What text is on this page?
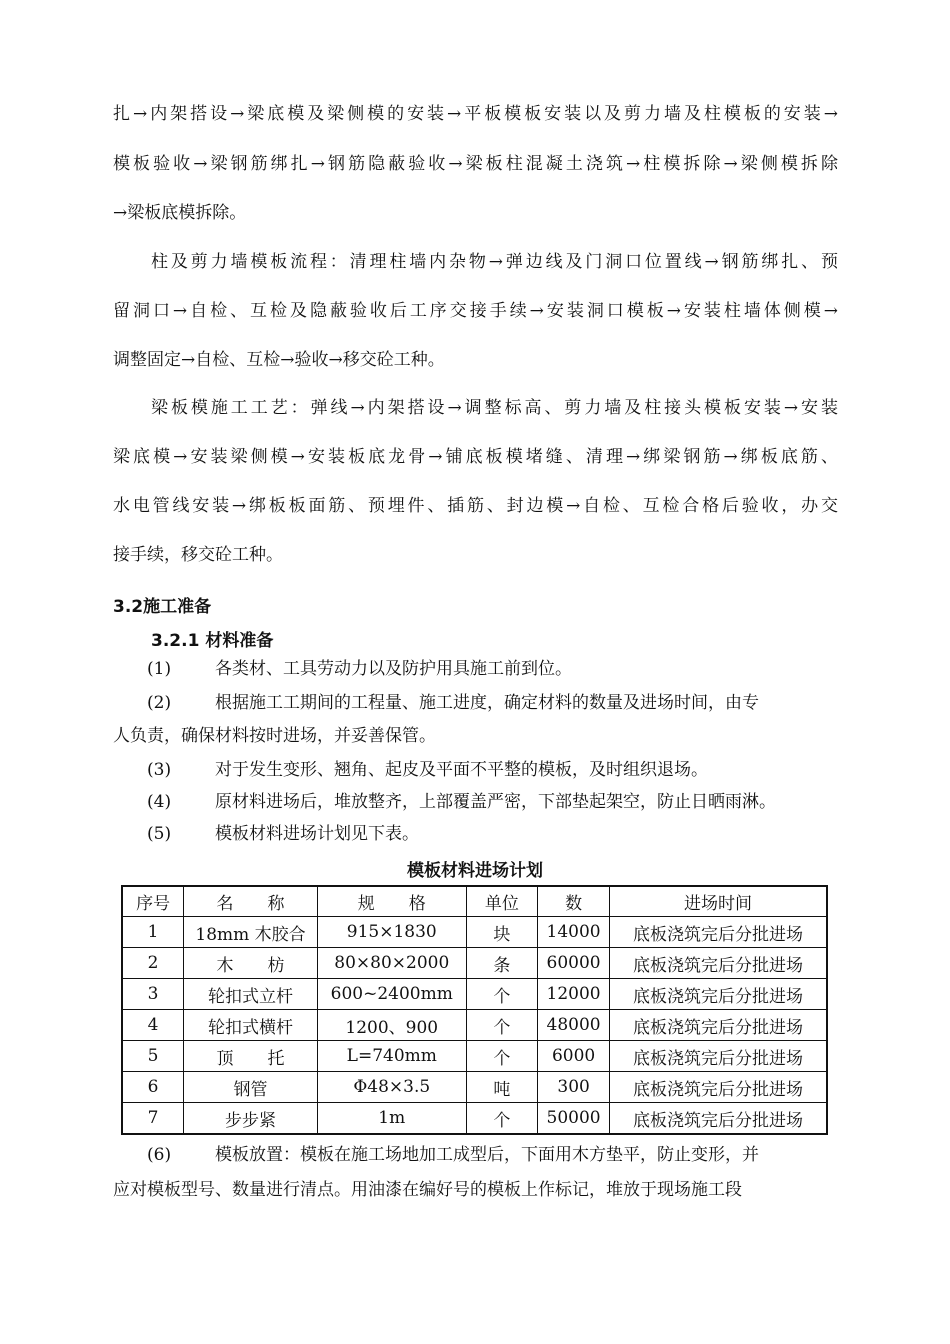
扎→内架搭设→梁底模及梁侧模的安装→平板模板安装以及剪力墙及柱模板的安装→
模板验收→梁钢筋绑扎→钢筋隐蔽验收→梁板柱混凝土浇筑→柱模拆除→梁侧模拆除
→梁板底模拆除。
柱及剪力墙模板流程：清理柱墙内杂物→弹边线及门洞口位置线→钢筋绑扎、预
留洞口→自检、互检及隐蔽验收后工序交接手续→安装洞口模板→安装柱墙体侧模→
调整固定→自检、互检→验收→移交砼工种。
梁板模施工工艺：弹线→内架搭设→调整标高、剪力墙及柱接头模板安装→安装
梁底模→安装梁侧模→安装板底龙骨→铺底板模堵缝、清理→绑梁钢筋→绑板底筋、
水电管线安装→绑板板面筋、预埋件、插筋、封边模→自检、互检合格后验收，办交
接手续，移交砼工种。
3.2施工准备
3.2.1 材料准备
(1)	各类材、工具劳动力以及防护用具施工前到位。
(2)	根据施工工期间的工程量、施工进度，确定材料的数量及进场时间，由专
人负责，确保材料按时进场，并妥善保管。
(3)	对于发生变形、翘角、起皮及平面不平整的模板，及时组织退场。
(4)	原材料进场后，堆放整齐，上部覆盖严密，下部垫起架空，防止日晒雨淋。
(5)	模板材料进场计划见下表。
模板材料进场计划
序号	名　　称	规　　格	单位	数	进场时间
1	18mm 木胶合	915×1830	块	14000	底板浇筑完后分批进场
2	木　　枋	80×80×2000	条	60000	底板浇筑完后分批进场
3	轮扣式立杆	600~2400mm	个	12000	底板浇筑完后分批进场
4	轮扣式横杆	1200、900	个	48000	底板浇筑完后分批进场
5	顶　　托	L=740mm	个	6000	底板浇筑完后分批进场
6	钢管	Φ48×3.5	吨	300	底板浇筑完后分批进场
7	步步紧	1m	个	50000	底板浇筑完后分批进场
(6)	模板放置：模板在施工场地加工成型后，下面用木方垫平，防止变形，并
应对模板型号、数量进行清点。用油漆在编好号的模板上作标记，堆放于现场施工段
